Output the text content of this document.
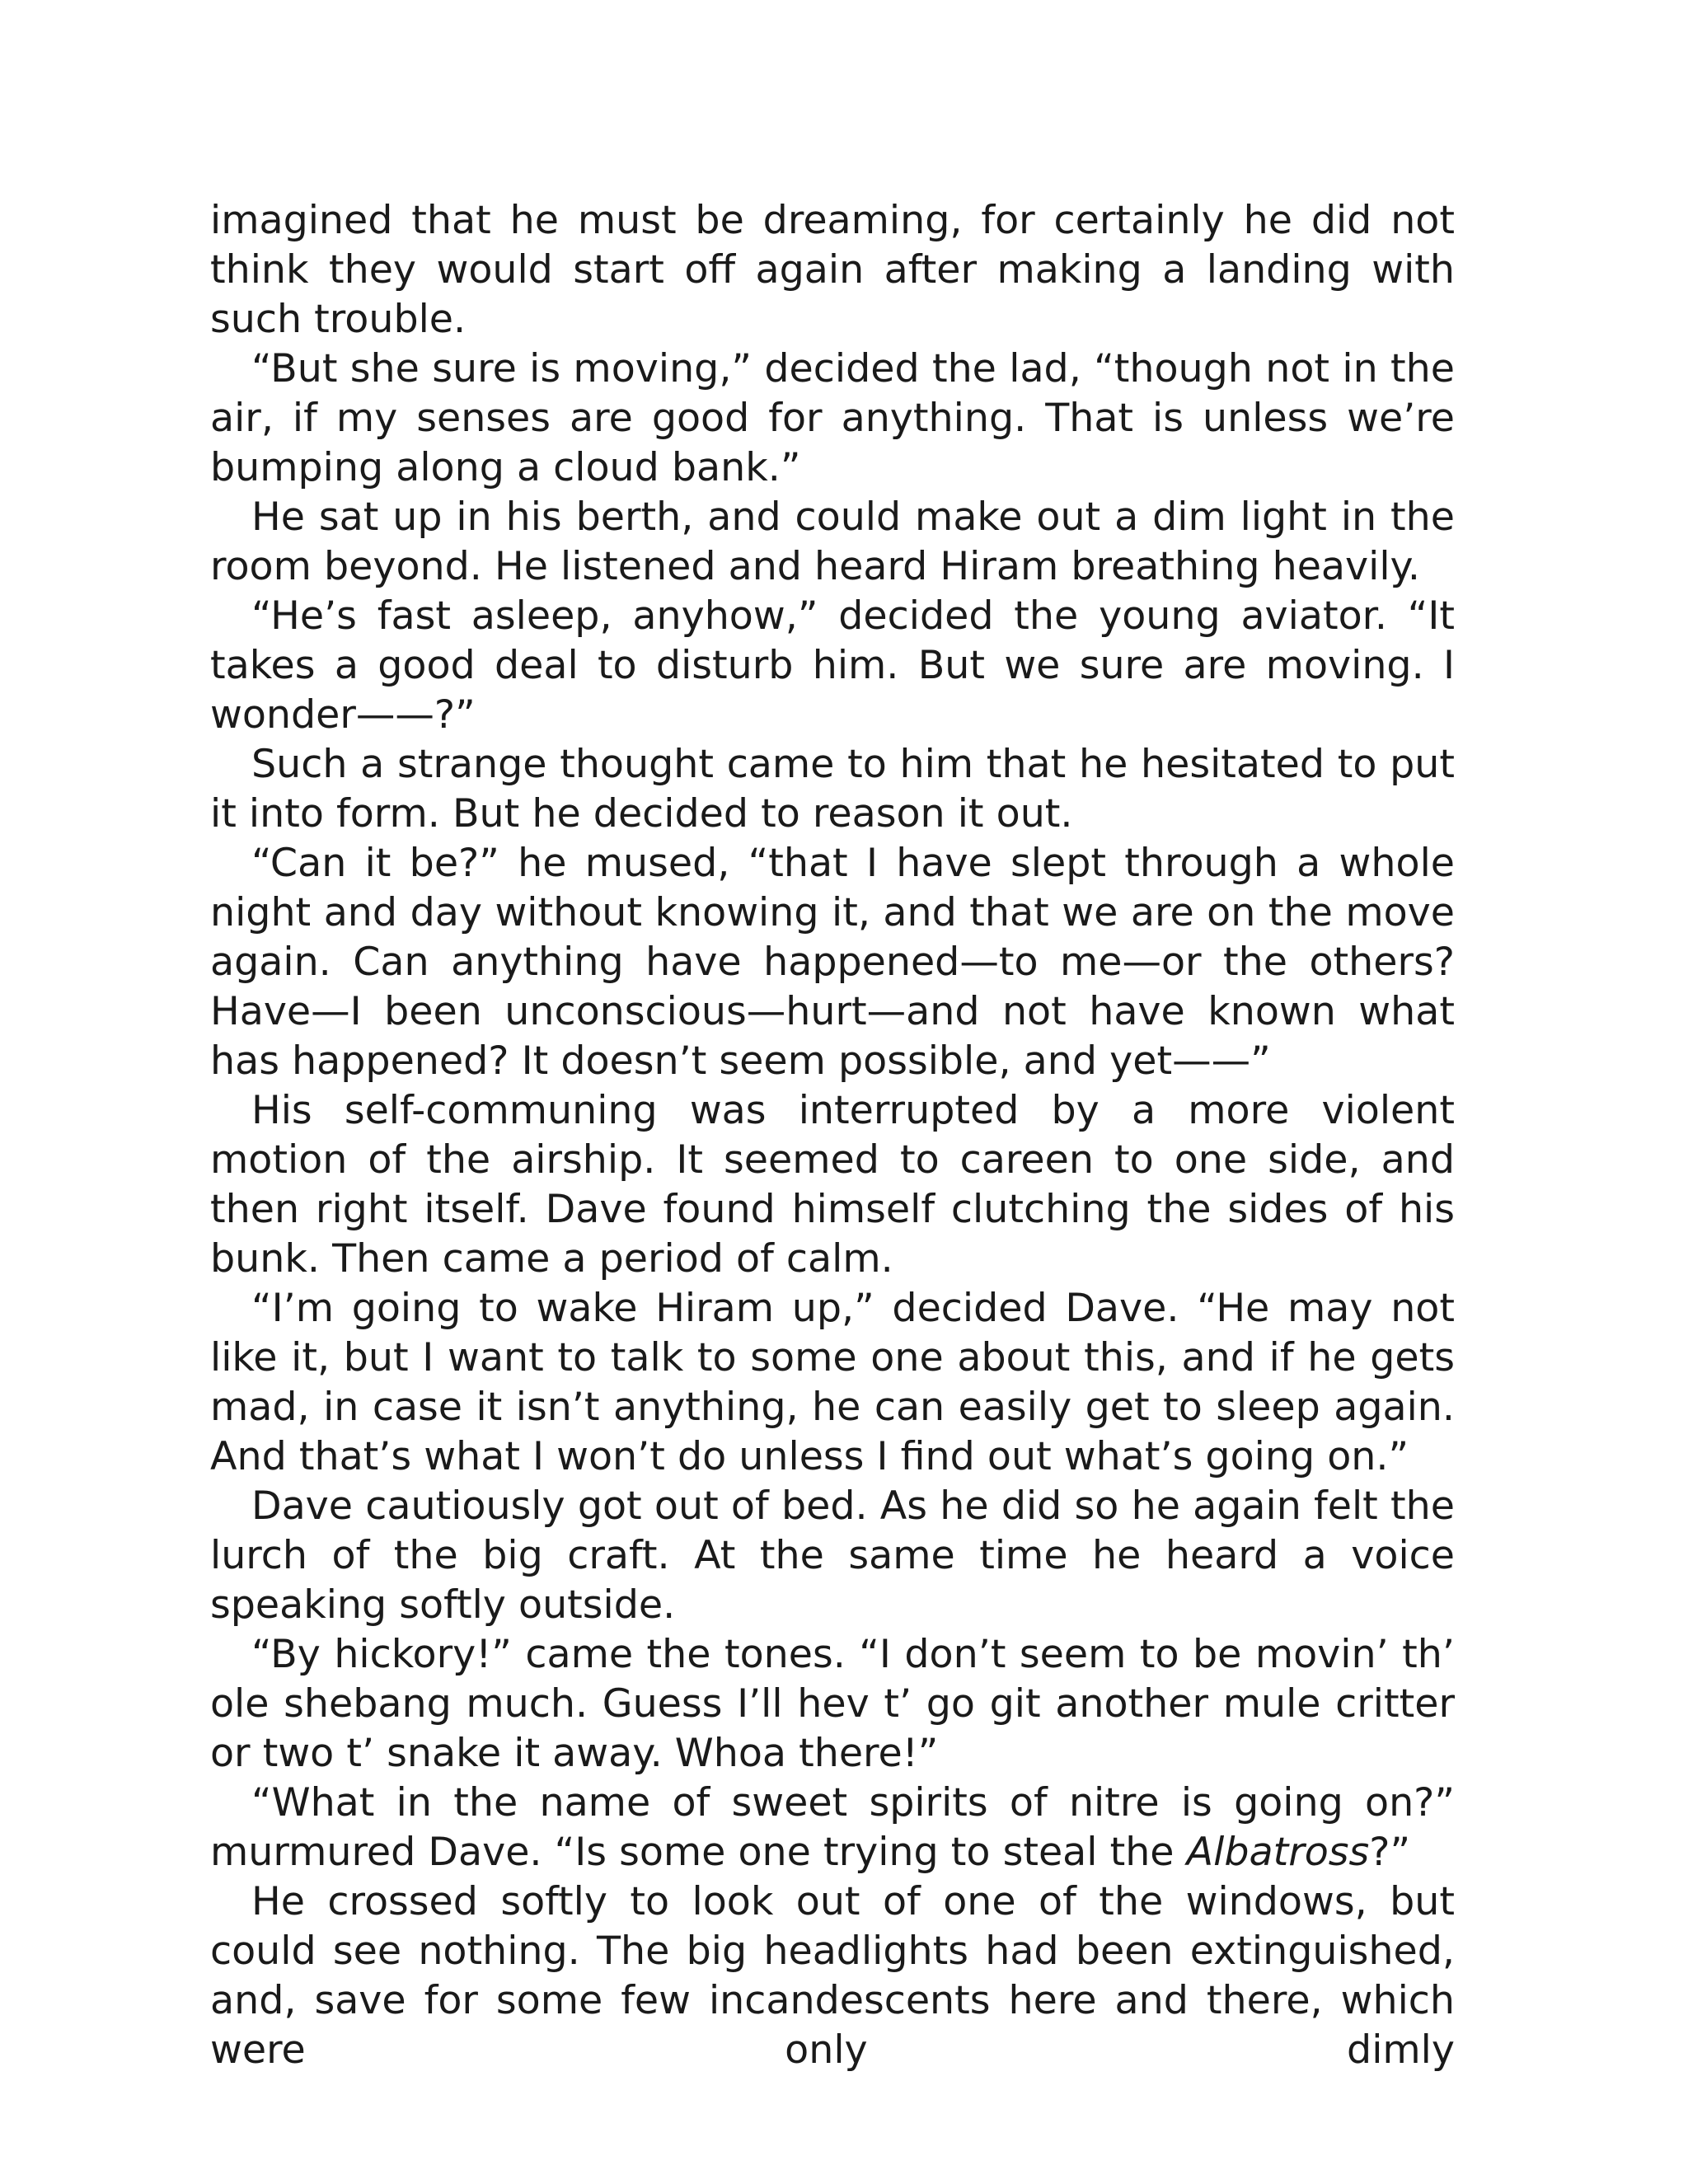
imagined that he must be dreaming, for certainly he did not think they would start off again after making a landing with such trouble.

“But she sure is moving,” decided the lad, “though not in the air, if my senses are good for anything. That is unless we’re bumping along a cloud bank.”

He sat up in his berth, and could make out a dim light in the room beyond. He listened and heard Hiram breathing heavily.

“He’s fast asleep, anyhow,” decided the young aviator. “It takes a good deal to disturb him. But we sure are moving. I wonder——?”

Such a strange thought came to him that he hesitated to put it into form. But he decided to reason it out.

“Can it be?” he mused, “that I have slept through a whole night and day without knowing it, and that we are on the move again. Can anything have happened—to me—or the others? Have—I been unconscious—hurt—and not have known what has happened? It doesn’t seem possible, and yet——”

His self-communing was interrupted by a more violent motion of the airship. It seemed to careen to one side, and then right itself. Dave found himself clutching the sides of his bunk. Then came a period of calm.

“I’m going to wake Hiram up,” decided Dave. “He may not like it, but I want to talk to some one about this, and if he gets mad, in case it isn’t anything, he can easily get to sleep again. And that’s what I won’t do unless I find out what’s going on.”

Dave cautiously got out of bed. As he did so he again felt the lurch of the big craft. At the same time he heard a voice speaking softly outside.

“By hickory!” came the tones. “I don’t seem to be movin’ th’ ole shebang much. Guess I’ll hev t’ go git another mule critter or two t’ snake it away. Whoa there!”

“What in the name of sweet spirits of nitre is going on?” murmured Dave. “Is some one trying to steal the Albatross?”

He crossed softly to look out of one of the windows, but could see nothing. The big headlights had been extinguished, and, save for some few incandescents here and there, which were only dimly
